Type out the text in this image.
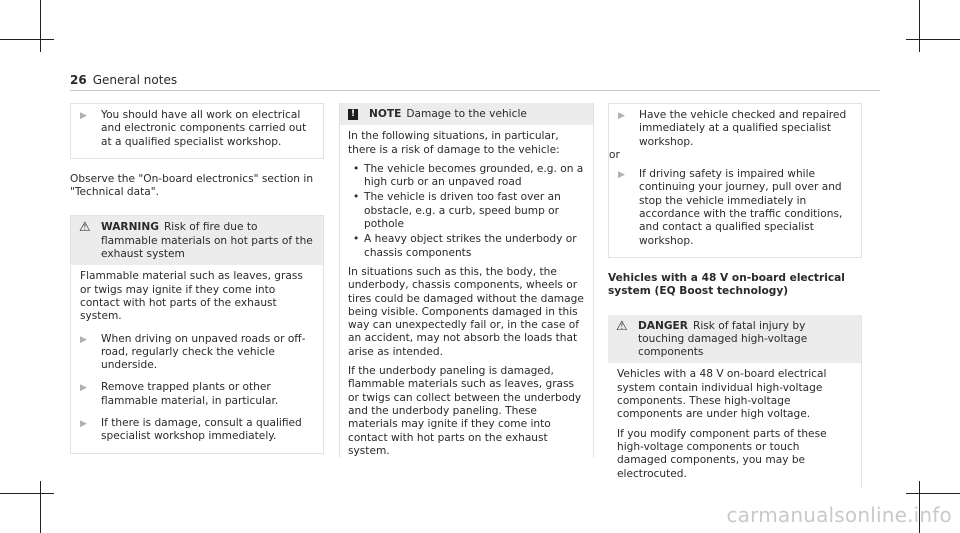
26 General notes
▶	You should have all work on electrical and electronic components carried out at a qualified specialist workshop.

Observe the "On-board electronics" section in "Technical data".

⚠ WARNING Risk of fire due to flammable materials on hot parts of the exhaust system

Flammable material such as leaves, grass or twigs may ignite if they come into contact with hot parts of the exhaust system.

▶	When driving on unpaved roads or off-road, regularly check the vehicle underside.
▶	Remove trapped plants or other flammable material, in particular.
▶	If there is damage, consult a qualified specialist workshop immediately.
! NOTE Damage to the vehicle

In the following situations, in particular, there is a risk of damage to the vehicle:

• The vehicle becomes grounded, e.g. on a high curb or an unpaved road
• The vehicle is driven too fast over an obstacle, e.g. a curb, speed bump or pothole
• A heavy object strikes the underbody or chassis components

In situations such as this, the body, the underbody, chassis components, wheels or tires could be damaged without the damage being visible. Components damaged in this way can unexpectedly fail or, in the case of an accident, may not absorb the loads that arise as intended.

If the underbody paneling is damaged, flammable materials such as leaves, grass or twigs can collect between the underbody and the underbody paneling. These materials may ignite if they come into contact with hot parts on the exhaust system.

▶	Have the vehicle checked and repaired immediately at a qualified specialist workshop.

or

▶	If driving safety is impaired while continuing your journey, pull over and stop the vehicle immediately in accordance with the traffic conditions, and contact a qualified specialist workshop.

Vehicles with a 48 V on-board electrical system (EQ Boost technology)

⚠ DANGER Risk of fatal injury by touching damaged high-voltage components

Vehicles with a 48 V on-board electrical system contain individual high-voltage components. These high-voltage components are under high voltage.

If you modify component parts of these high-voltage components or touch damaged components, you may be electrocuted.

carmanualsonline.info
